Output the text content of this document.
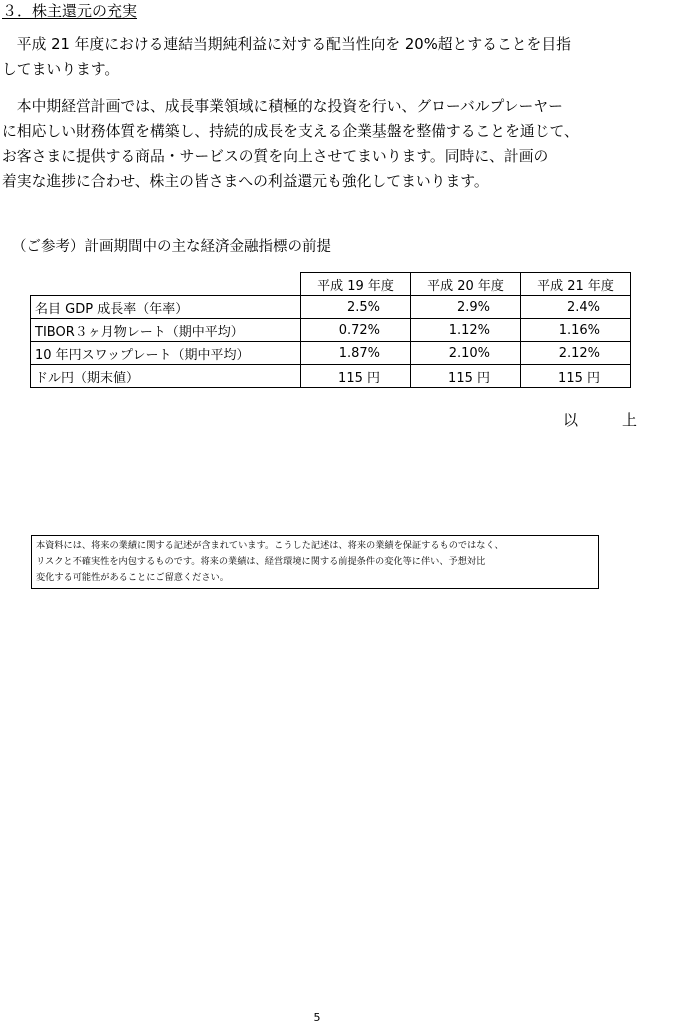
３．株主還元の充実
　平成 21 年度における連結当期純利益に対する配当性向を 20%超とすることを目指
してまいります。
　本中期経営計画では、成長事業領域に積極的な投資を行い、グローバルプレーヤー
に相応しい財務体質を構築し、持続的成長を支える企業基盤を整備することを通じて、
お客さまに提供する商品・サービスの質を向上させてまいります。同時に、計画の
着実な進捗に合わせ、株主の皆さまへの利益還元も強化してまいります。
（ご参考）計画期間中の主な経済金融指標の前提
	平成 19 年度	平成 20 年度	平成 21 年度
名目 GDP 成長率（年率）	2.5%	2.9%	2.4%
TIBOR３ヶ月物レート（期中平均）	0.72%	1.12%	1.16%
10 年円スワップレート（期中平均）	1.87%	2.10%	2.12%
ドル円（期末値）	115 円	115 円	115 円
以上
本資料には、将来の業績に関する記述が含まれています。こうした記述は、将来の業績を保証するものではなく、
リスクと不確実性を内包するものです。将来の業績は、経営環境に関する前提条件の変化等に伴い、予想対比
変化する可能性があることにご留意ください。
5
